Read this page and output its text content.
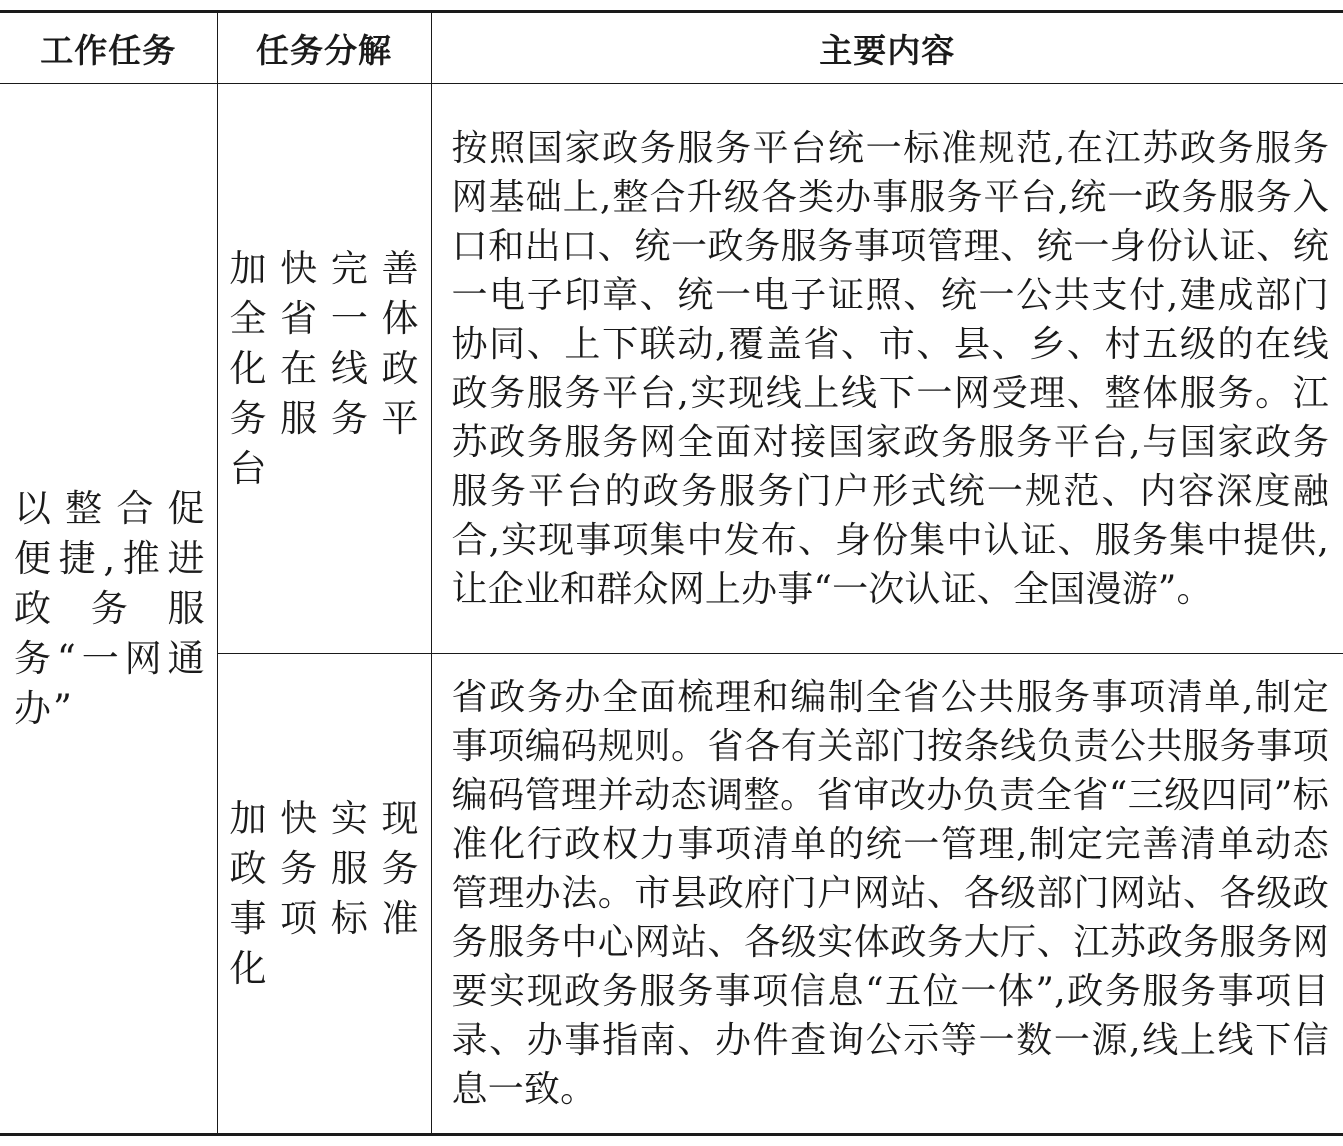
工作任务	任务分解	主要内容
以整合促便捷,推进政务服务“一网通办”	加快完善全省一体化在线政务服务平台	按照国家政务服务平台统一标准规范,在江苏政务服务网基础上,整合升级各类办事服务平台,统一政务服务入口和出口、统一政务服务事项管理、统一身份认证、统一电子印章、统一电子证照、统一公共支付,建成部门协同、上下联动,覆盖省、市、县、乡、村五级的在线政务服务平台,实现线上线下一网受理、整体服务。江苏政务服务网全面对接国家政务服务平台,与国家政务服务平台的政务服务门户形式统一规范、内容深度融合,实现事项集中发布、身份集中认证、服务集中提供,让企业和群众网上办事“一次认证、全国漫游”。
	加快实现政务服务事项标准化	省政务办全面梳理和编制全省公共服务事项清单,制定事项编码规则。省各有关部门按条线负责公共服务事项编码管理并动态调整。省审改办负责全省“三级四同”标准化行政权力事项清单的统一管理,制定完善清单动态管理办法。市县政府门户网站、各级部门网站、各级政务服务中心网站、各级实体政务大厅、江苏政务服务网要实现政务服务事项信息“五位一体”,政务服务事项目录、办事指南、办件查询公示等一数一源,线上线下信息一致。
